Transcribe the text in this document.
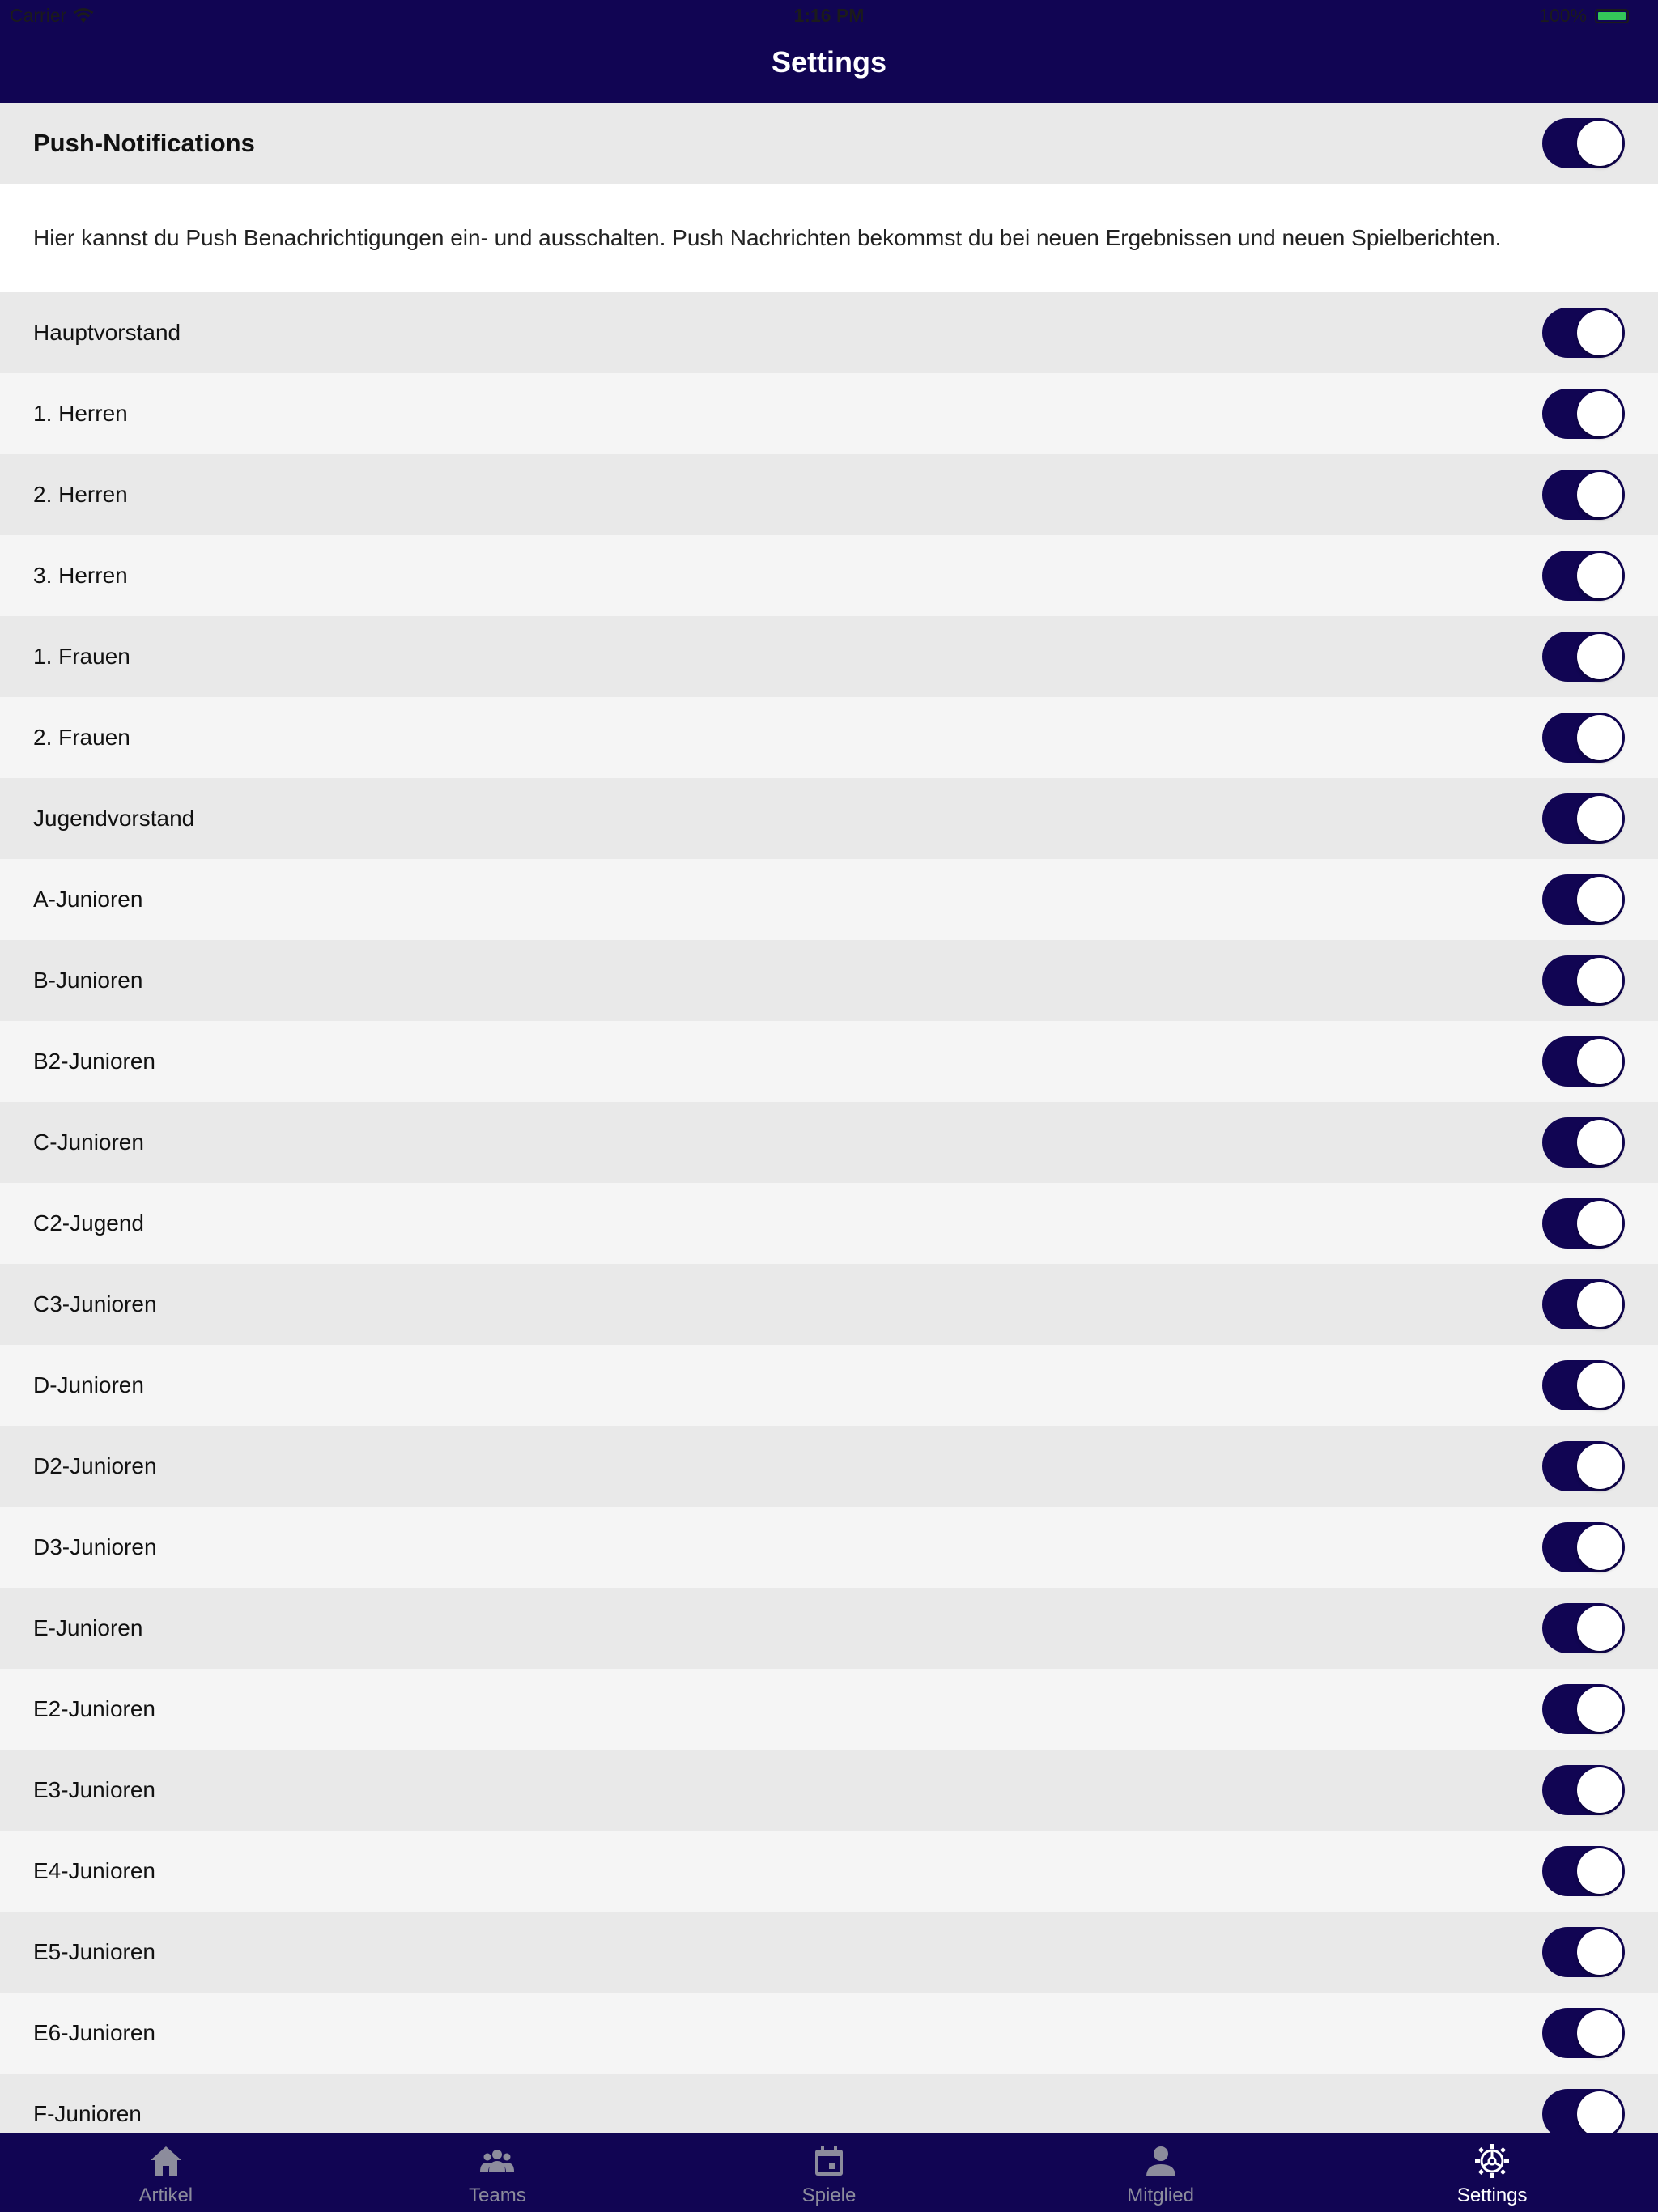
Carrier	1:16 PM	100%
Settings
Push-Notifications
Hier kannst du Push Benachrichtigungen ein- und ausschalten. Push Nachrichten bekommst du bei neuen Ergebnissen und neuen Spielberichten.
Hauptvorstand
1. Herren
2. Herren
3. Herren
1. Frauen
2. Frauen
Jugendvorstand
A-Junioren
B-Junioren
B2-Junioren
C-Junioren
C2-Jugend
C3-Junioren
D-Junioren
D2-Junioren
D3-Junioren
E-Junioren
E2-Junioren
E3-Junioren
E4-Junioren
E5-Junioren
E6-Junioren
F-Junioren
Artikel	Teams	Spiele	Mitglied	Settings
